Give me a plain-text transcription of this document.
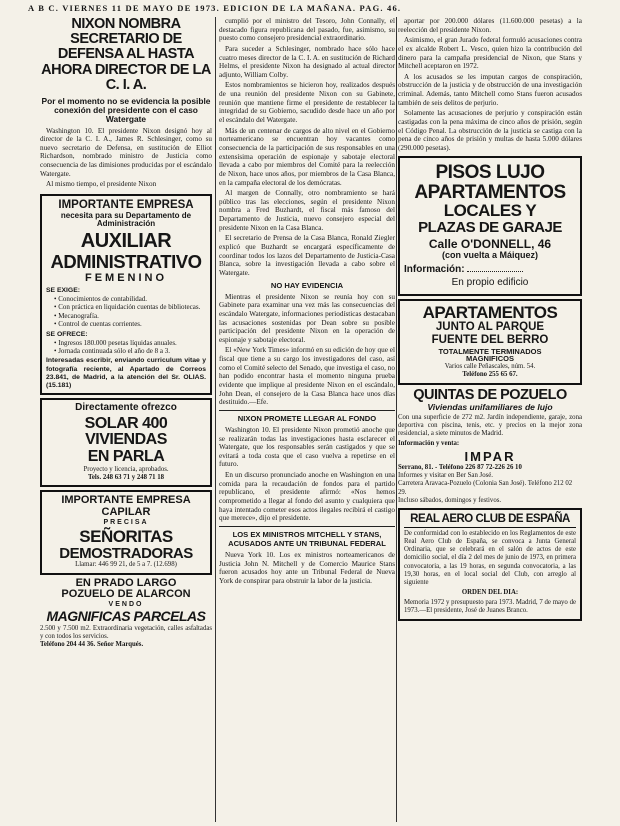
A B C. VIERNES 11 DE MAYO DE 1973. EDICION DE LA MAÑANA. PAG. 46.
NIXON NOMBRA SECRETARIO DE DEFENSA AL HASTA AHORA DIRECTOR DE LA C. I. A.
Por el momento no se evidencia la posible conexión del presidente con el caso Watergate

Washington 10. El presidente Nixon designó hoy al director de la C. I. A., James R. Schlesinger, como su nuevo secretario de Defensa, en sustitución de Elliot Richardson, nombrado ministro de Justicia como consecuencia de las dimisiones producidas por el escándalo Watergate.

Al mismo tiempo, el presidente Nixon

IMPORTANTE EMPRESA
necesita para su Departamento de Administración
AUXILIAR
ADMINISTRATIVO
FEMENINO
SE EXIGE:
• Conocimientos de contabilidad.
• Con práctica en liquidación cuentas de bibliotecas.
• Mecanografía.
• Control de cuentas corrientes.
SE OFRECE:
• Ingresos 180.000 pesetas líquidas anuales.
• Jornada continuada sólo el año de 8 a 3.
Interesadas escribir, enviando curriculum vitae y fotografía reciente, al Apartado de Correos 23.841, de Madrid, a la atención del Sr. OLIAS. (15.181)
Directamente ofrezco
SOLAR 400 VIVIENDAS
EN PARLA
Proyecto y licencia, aprobados.
Tels. 248 63 71 y 248 71 18
IMPORTANTE EMPRESA
CAPILAR
PRECISA
SEÑORITAS
DEMOSTRADORAS
Llamar: 446 99 21, de 5 a 7. (12.698)
EN PRADO LARGO
POZUELO DE ALARCON
VENDO
MAGNIFICAS PARCELAS
2.500 y 7.500 m2. Extraordinaria vegetación, calles asfaltadas y con todos los servicios.
Teléfono 204 44 36. Señor Marqués.

cumplió por el ministro del Tesoro, John Connally, el destacado figura republicana del pasado, fue, asimismo, su puesto como consejero presidencial extraordinario.

Para suceder a Schlesinger, nombrado hace sólo hace cuatro meses director de la C. I. A. en sustitución de Richard Helms, el presidente Nixon ha designado al actual director adjunto, William Colby.

Estos nombramientos se hicieron hoy, realizados después de una reunión del presidente Nixon con su Gabinete, reunión que mantiene firme el presidente de restablecer la integridad de su Gobierno, sacudido desde hace un año por el escándalo del Watergate.

Más de un centenar de cargos de alto nivel en el Gobierno norteamericano se encuentran hoy vacantes como consecuencia de la participación de sus responsables en una extensísima operación de espionaje y sabotaje electoral llevada a cabo por miembros del Comité para la reelección de Nixon, hace unos años, por miembros de la Casa Blanca, en la campaña electoral de los demócratas.

Al margen de Connally, otro nombramiento se hará público tras las elecciones, según el presidente Nixon nombra a Fred Buzhardt, el fiscal más famoso del Departamento de Justicia, nuevo consejero especial del presidente Nixon en la Casa Blanca.

El secretario de Prensa de la Casa Blanca, Ronald Ziegler explicó que Buzhardt se encargará específicamente de coordinar todos los lazos del Departamento de Justicia-Casa Blanca, sobre la investigación llevada a cabo sobre el Watergate.

NO HAY EVIDENCIA

Mientras el presidente Nixon se reunía hoy con su Gabinete para examinar una vez más las consecuencias del escándalo Watergate, informaciones periodísticas destacaban las acusaciones sostenidas por Dean sobre su posible participación del presidente Nixon en la operación de espionaje y sabotaje electoral.

El «New York Times» informó en su edición de hoy que el fiscal que tiene a su cargo los investigadores del caso, así como el Comité selecto del Senado, que investiga el caso, no han podido encontrar hasta el momento ninguna prueba evidente que implique al presidente Nixon en el escándalo, John Dean, el consejero de la Casa Blanca hace unos días destituido.—Efe.

NIXON PROMETE LLEGAR AL FONDO

Washington 10. El presidente Nixon prometió anoche que se realizarán todas las investigaciones hasta esclarecer el Watergate, que los responsables serán castigados y que se evitará a toda costa que el caso vuelva a repetirse en el futuro.

En un discurso pronunciado anoche en Washington en una comida para la recaudación de fondos para el partido republicano, el presidente afirmó: «Nos hemos comprometido a llegar al fondo del asunto y cualquiera que haya intentado cometer esos actos ilegales recibirá el castigo que merece», dijo el presidente.

LOS EX MINISTROS MITCHELL Y STANS, ACUSADOS ANTE UN TRIBUNAL FEDERAL

Nueva York 10. Los ex ministros norteamericanos de Justicia John N. Mitchell y de Comercio Maurice Stans fueron acusados hoy ante un Tribunal Federal de Nueva York de conspirar para obstruir la labor de la justicia.

aportar por 200.000 dólares (11.600.000 pesetas) a la reelección del presidente Nixon.

Asimismo, el gran Jurado federal formuló acusaciones contra el ex alcalde Robert L. Vesco, quien hizo la contribución del dinero para la campaña presidencial de Nixon, que Stans y Mitchell aceptaron en 1972.

A los acusados se les imputan cargos de conspiración, obstrucción de la justicia y de obstrucción de una investigación criminal. Además, tanto Mitchell como Stans fueron acusados también de seis delitos de perjurio.

Solamente las acusaciones de perjurio y conspiración están castigadas con la pena máxima de cinco años de prisión, según el Código Penal. La obstrucción de la justicia se castiga con la pena de cinco años de prisión y multas de hasta 5.000 dólares (290.000 pesetas).

PISOS LUJO
APARTAMENTOS
LOCALES Y
PLAZAS DE GARAJE
Calle O'DONNELL, 46
(con vuelta a Máiquez)
Información:
En propio edificio
APARTAMENTOS
JUNTO AL PARQUE
FUENTE DEL BERRO
TOTALMENTE TERMINADOS
MAGNIFICOS
Varios calle Peñascales, núm. 54.
Teléfono 255 65 67.
QUINTAS DE POZUELO
Viviendas unifamiliares de lujo
Con una superficie de 272 m2. Jardín independiente, garaje, zona deportiva con piscina, tenis, etc. y precios en la mejor zona residencial, a siete minutos de Madrid.
Información y venta:
IMPAR
Serrano, 81. - Teléfono 226 87 72-226 26 10
Informes y visitar en Ber San José.
Carretera Aravaca-Pozuelo (Colonia San José). Teléfono 212 02 29.
Incluso sábados, domingos y festivos.
REAL AERO CLUB DE ESPAÑA
De conformidad con lo establecido en los Reglamentos de este Real Aero Club de España, se convoca a Junta General Ordinaria, que se celebrará en el salón de actos de este domicilio social, el día 2 del mes de junio de 1973, en primera convocatoria, a las 19 horas, en segunda convocatoria, a las 19,30 horas, en el local social del Club, con arreglo al siguiente
ORDEN DEL DIA:
Memoria 1972 y presupuesto para 1973. Madrid, 7 de mayo de 1973.—El presidente, José de Juanes Branco.
